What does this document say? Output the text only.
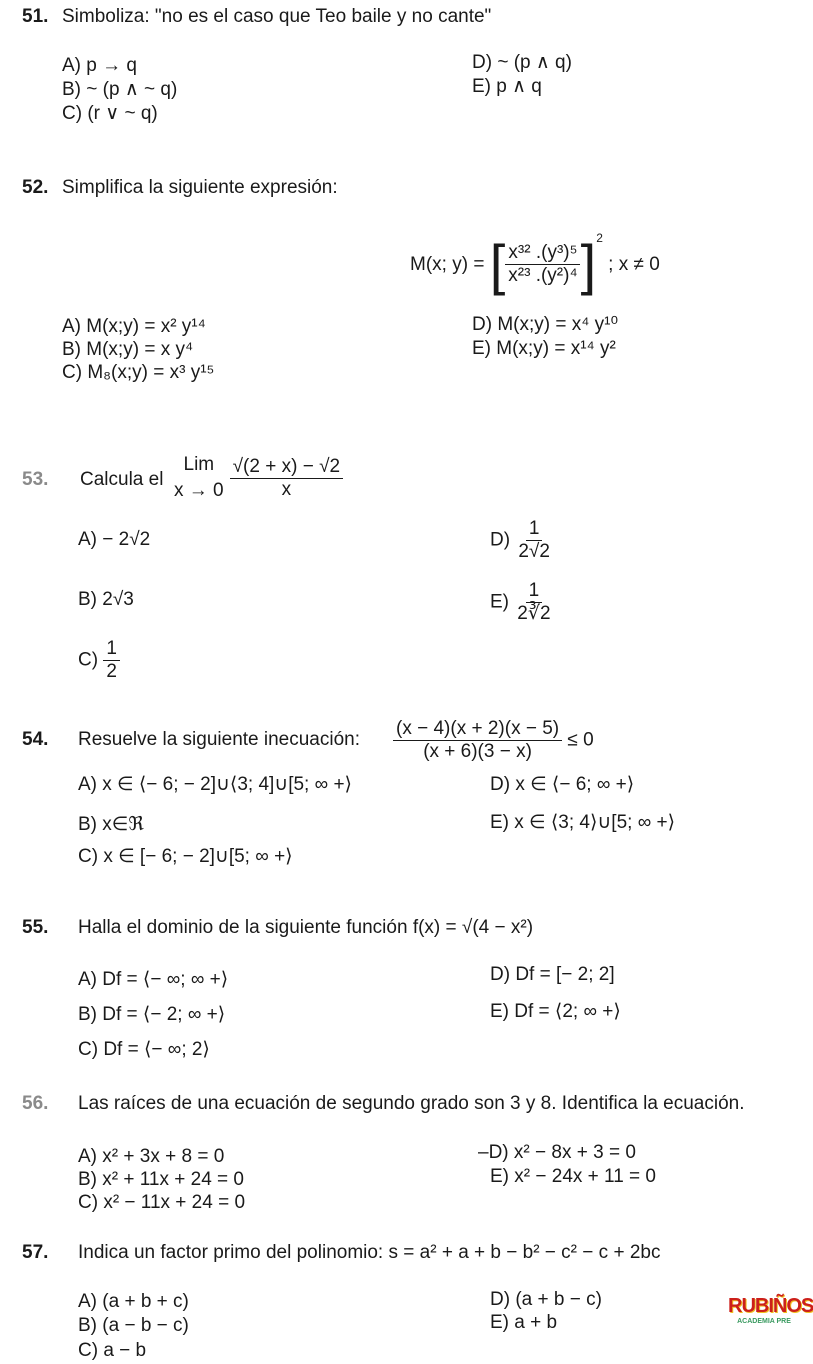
51. Simboliza: "no es el caso que Teo baile y no cante"
A) p → q
B) ~ (p ∧ ~ q)
C) (r ∨ ~ q)
D) ~ (p ∧ q)
E) p ∧ q
52. Simplifica la siguiente expresión:
M(x; y) = [ $\frac{\text{x³² .(y³)⁵}}{\text{x²³ .(y²)⁴}} ]^2$ ; x ≠ 0
A) M(x;y) = x² y¹⁴
B) M(x;y) = x y⁴
C) M₈(x;y) = x³ y¹⁵
D) M(x;y) = x⁴ y¹⁰
E) M(x;y) = x¹⁴ y²
53. Calcula el
Lim
$x \to 0 \frac{√(2 + x) - √2}{x}$
A) − 2√2
B) 2√3
$C) \frac{1}{2}$
$D) \frac{1}{2√2}$
$E) \frac{1}{2∛2}$
54. Resuelve la siguiente inecuación: $\frac{(x - 4)(x + 2)(x - 5)}{(x + 6)(3 - x)} \le 0$
A) x ∈ ⟨− 6; − 2]∪⟨3; 4]∪[5; ∞ +⟩
B) x∈ℜ
C) x ∈ [− 6; − 2]∪[5; ∞ +⟩
D) x ∈ ⟨− 6; ∞ +⟩
E) x ∈ ⟨3; 4⟩∪[5; ∞ +⟩
55. Halla el dominio de la siguiente función f(x) = √(4 − x²)
A) Df = ⟨− ∞; ∞ +⟩
B) Df = ⟨− 2; ∞ +⟩
C) Df = ⟨− ∞; 2⟩
D) Df = [− 2; 2]
E) Df = ⟨2; ∞ +⟩
56. Las raíces de una ecuación de segundo grado son 3 y 8. Identifica la ecuación.
A) x² + 3x + 8 = 0
B) x² + 11x + 24 = 0
C) x² − 11x + 24 = 0
–D) x² − 8x + 3 = 0
E) x² − 24x + 11 = 0
57. Indica un factor primo del polinomio: s = a² + a + b − b² − c² − c + 2bc
A) (a + b + c)
B) (a − b − c)
C) a − b
D) (a + b − c)
E) a + b
RUBIÑOS
ACADEMIA PRE
